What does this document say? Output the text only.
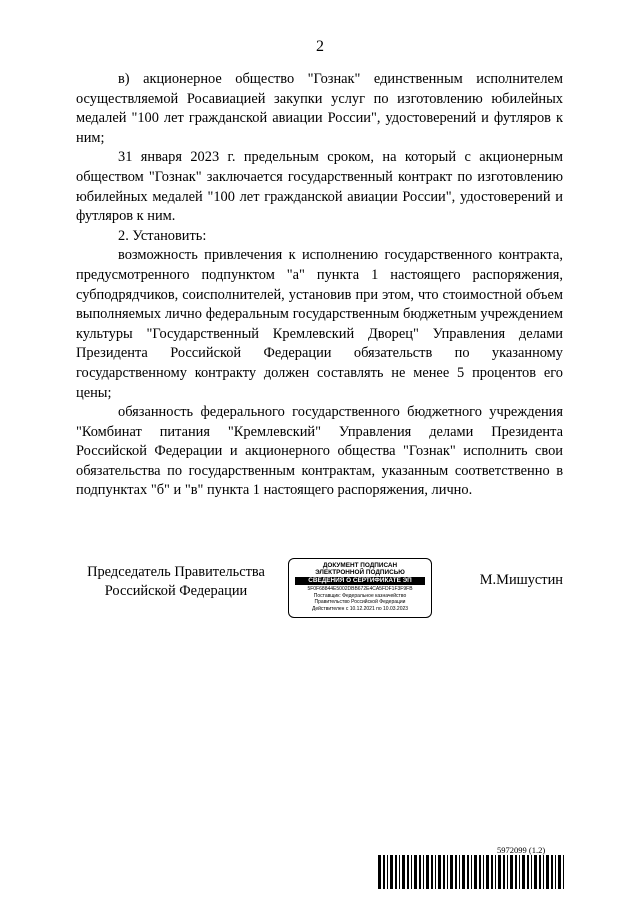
2

в) акционерное общество "Гознак" единственным исполнителем осуществляемой Росавиацией закупки услуг по изготовлению юбилейных медалей "100 лет гражданской авиации России", удостоверений и футляров к ним;

31 января 2023 г. предельным сроком, на который с акционерным обществом "Гознак" заключается государственный контракт по изготовлению юбилейных медалей "100 лет гражданской авиации России", удостоверений и футляров к ним.

2. Установить:

возможность привлечения к исполнению государственного контракта, предусмотренного подпунктом "а" пункта 1 настоящего распоряжения, субподрядчиков, соисполнителей, установив при этом, что стоимостной объем выполняемых лично федеральным государственным бюджетным учреждением культуры "Государственный Кремлевский Дворец" Управления делами Президента Российской Федерации обязательств по указанному государственному контракту должен составлять не менее 5 процентов его цены;

обязанность федерального государственного бюджетного учреждения "Комбинат питания "Кремлевский" Управления делами Президента Российской Федерации и акционерного общества "Гознак" исполнить свои обязательства по государственным контрактам, указанным соответственно в подпунктах "б" и "в" пункта 1 настоящего распоряжения, лично.

Председатель Правительства
Российской Федерации
ДОКУМЕНТ ПОДПИСАН
ЭЛЕКТРОННОЙ ПОДПИСЬЮ
СВЕДЕНИЯ О СЕРТИФИКАТЕ ЭП
5F0F68844E5002DBB672E4CA5FDF1F3F9FB
Поставщик: Федеральное казначейство
Правительство Российской Федерации
Действителен с 10.12.2021 по 10.03.2023
М.Мишустин
5972099 (1.2)
